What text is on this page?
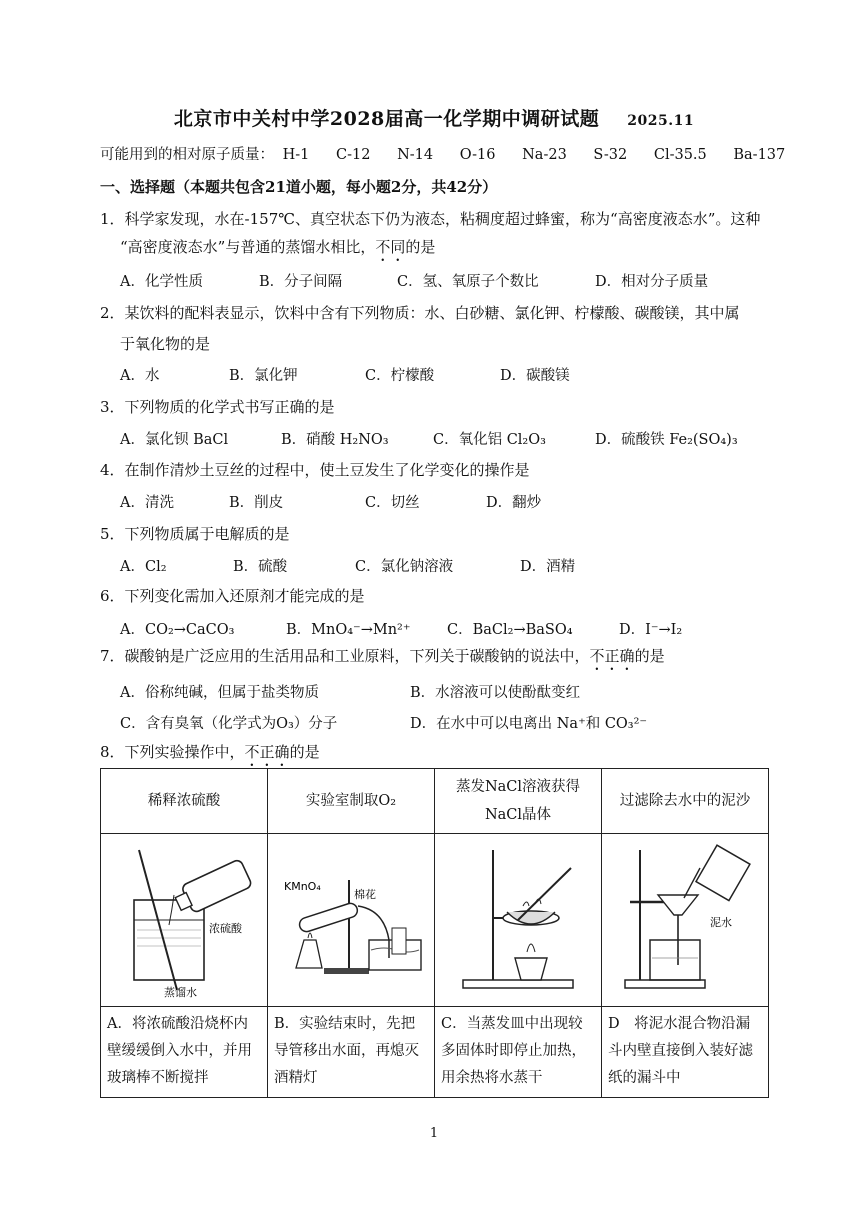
北京市中关村中学2028届高一化学期中调研试题 2025.11
可能用到的相对原子质量： H-1 C-12 N-14 O-16 Na-23 S-32 Cl-35.5 Ba-137
一、选择题（本题共包含21道小题，每小题2分，共42分）
1．科学家发现，水在-157℃、真空状态下仍为液态，粘稠度超过蜂蜜，称为“高密度液态水”。这种
“高密度液态水”与普通的蒸馏水相比，不同的是
A．化学性质	B．分子间隔	C．氢、氧原子个数比	D．相对分子质量
2．某饮料的配料表显示，饮料中含有下列物质：水、白砂糖、氯化钾、柠檬酸、碳酸镁，其中属
于氧化物的是
A．水	B．氯化钾	C．柠檬酸	D．碳酸镁
3．下列物质的化学式书写正确的是
A．氯化钡 BaCl	B．硝酸 H₂NO₃	C．氧化铝 Cl₂O₃	D．硫酸铁 Fe₂(SO₄)₃
4．在制作清炒土豆丝的过程中，使土豆发生了化学变化的操作是
A．清洗	B．削皮	C．切丝	D．翻炒
5．下列物质属于电解质的是
A．Cl₂	B．硫酸	C．氯化钠溶液	D．酒精
6．下列变化需加入还原剂才能完成的是
A．CO₂→CaCO₃	B．MnO₄⁻→Mn²⁺	C．BaCl₂→BaSO₄	D．I⁻→I₂
7．碳酸钠是广泛应用的生活用品和工业原料，下列关于碳酸钠的说法中，不正确的是
A．俗称纯碱，但属于盐类物质	B．水溶液可以使酚酞变红
C．含有臭氧（化学式为O₃）分子	D．在水中可以电离出 Na⁺和 CO₃²⁻
8．下列实验操作中，不正确的是
稀释浓硫酸	实验室制取O₂	蒸发NaCl溶液获得NaCl晶体	过滤除去水中的泥沙

浓硫酸
蒸馏水	KMnO₄
棉花		泥水

A．将浓硫酸沿烧杯内壁缓缓倒入水中，并用玻璃棒不断搅拌	B．实验结束时，先把导管移出水面，再熄灭酒精灯	C．当蒸发皿中出现较多固体时即停止加热，用余热将水蒸干	D　将泥水混合物沿漏斗内壁直接倒入装好滤纸的漏斗中
1
